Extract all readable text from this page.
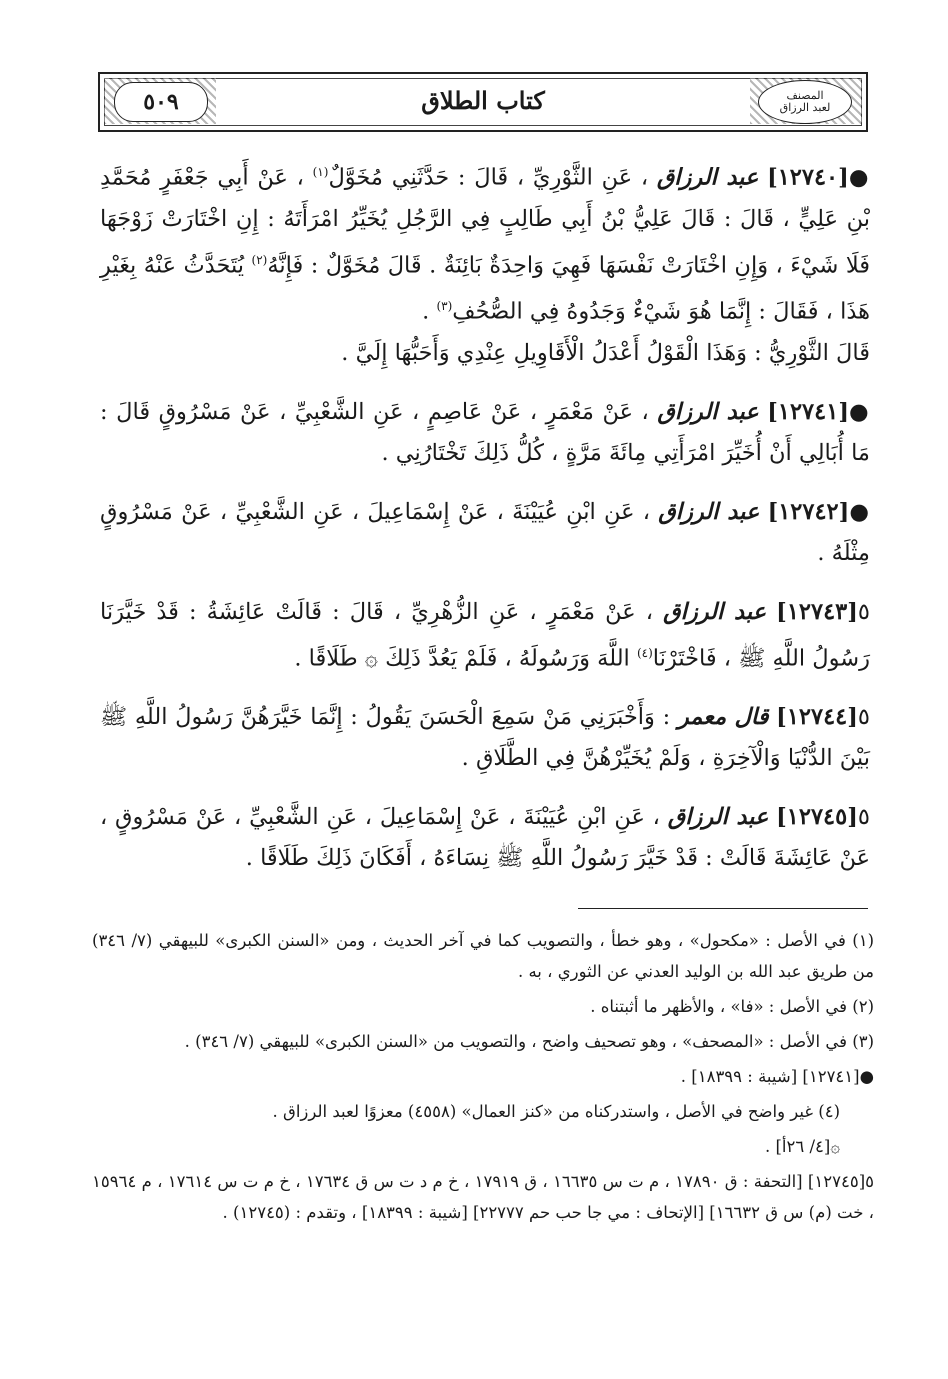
٥٠٩	كتاب الطلاق	المصنف
لعبد الرزاق

●[١٢٧٤٠] عبد الرزاق ، عَنِ الثَّوْرِيِّ ، قَالَ : حَدَّثَنِي مُخَوَّلٌ$^{(١)}$ ، عَنْ أَبِي جَعْفَرٍ مُحَمَّدِ بْنِ عَلِيٍّ ، قَالَ : قَالَ عَلِيُّ بْنُ أَبِي طَالِبٍ فِي الرَّجُلِ يُخَيِّرُ امْرَأَتَهُ : إِنِ اخْتَارَتْ زَوْجَهَا فَلَا شَيْءَ ، وَإِنِ اخْتَارَتْ نَفْسَهَا فَهِيَ وَاحِدَةٌ بَائِنَةٌ . قَالَ مُخَوَّلٌ : فَإِنَّهُ$^{(٢)}$ يُتَحَدَّثُ عَنْهُ بِغَيْرِ هَذَا ، فَقَالَ : إِنَّمَا هُوَ شَيْءٌ وَجَدُوهُ فِي الصُّحُفِ$^{(٣)}$ .
قَالَ الثَّوْرِيُّ : وَهَذَا الْقَوْلُ أَعْدَلُ الْأَقَاوِيلِ عِنْدِي وَأَحَبُّهَا إِلَيَّ .

●[١٢٧٤١] عبد الرزاق ، عَنْ مَعْمَرٍ ، عَنْ عَاصِمٍ ، عَنِ الشَّعْبِيِّ ، عَنْ مَسْرُوقٍ قَالَ : مَا أُبَالِي أَنْ أُخَيِّرَ امْرَأَتِي مِائَةَ مَرَّةٍ ، كُلُّ ذَلِكَ تَخْتَارُنِي .

●[١٢٧٤٢] عبد الرزاق ، عَنِ ابْنِ عُيَيْنَةَ ، عَنْ إِسْمَاعِيلَ ، عَنِ الشَّعْبِيِّ ، عَنْ مَسْرُوقٍ مِثْلَهُ .

٥[١٢٧٤٣] عبد الرزاق ، عَنْ مَعْمَرٍ ، عَنِ الزُّهْرِيِّ ، قَالَ : قَالَتْ عَائِشَةُ : قَدْ خَيَّرَنَا رَسُولُ اللَّهِ ﷺ ، فَاخْتَرْنَا$^{(٤)}$ اللَّهَ وَرَسُولَهُ ، فَلَمْ يَعُدَّ ذَلِكَ ۞ طَلَاقًا .

٥[١٢٧٤٤] قال معمر : وَأَخْبَرَنِي مَنْ سَمِعَ الْحَسَنَ يَقُولُ : إِنَّمَا خَيَّرَهُنَّ رَسُولُ اللَّهِ ﷺ بَيْنَ الدُّنْيَا وَالْآخِرَةِ ، وَلَمْ يُخَيِّرْهُنَّ فِي الطَّلَاقِ .

٥[١٢٧٤٥] عبد الرزاق ، عَنِ ابْنِ عُيَيْنَةَ ، عَنْ إِسْمَاعِيلَ ، عَنِ الشَّعْبِيِّ ، عَنْ مَسْرُوقٍ ، عَنْ عَائِشَةَ قَالَتْ : قَدْ خَيَّرَ رَسُولُ اللَّهِ ﷺ نِسَاءَهُ ، أَفَكَانَ ذَلِكَ طَلَاقًا .

(١) في الأصل : «مكحول» ، وهو خطأ ، والتصويب كما في آخر الحديث ، ومن «السنن الكبرى» للبيهقي (٧/ ٣٤٦) من طريق عبد الله بن الوليد العدني عن الثوري ، به .

(٢) في الأصل : «فا» ، والأظهر ما أثبتناه .

(٣) في الأصل : «المصحف» ، وهو تصحيف واضح ، والتصويب من «السنن الكبرى» للبيهقي (٧/ ٣٤٦) .

●[١٢٧٤١] [شيبة : ١٨٣٩٩] .

(٤) غير واضح في الأصل ، واستدركناه من «كنز العمال» (٤٥٥٨) معزوًا لعبد الرزاق .

۞[٤/ ٢٦أ] .

٥[١٢٧٤٥] [التحفة : ق ١٧٨٩٠ ، م ت س ١٦٦٣٥ ، ق ١٧٩١٩ ، خ م د ت س ق ١٧٦٣٤ ، خ م ت س ١٧٦١٤ ، م ١٥٩٦٤ ، خت (م) س ق ١٦٦٣٢] [الإتحاف : مي جا حب حم ٢٢٧٧٧] [شيبة : ١٨٣٩٩] ، وتقدم : (١٢٧٤٥) .
